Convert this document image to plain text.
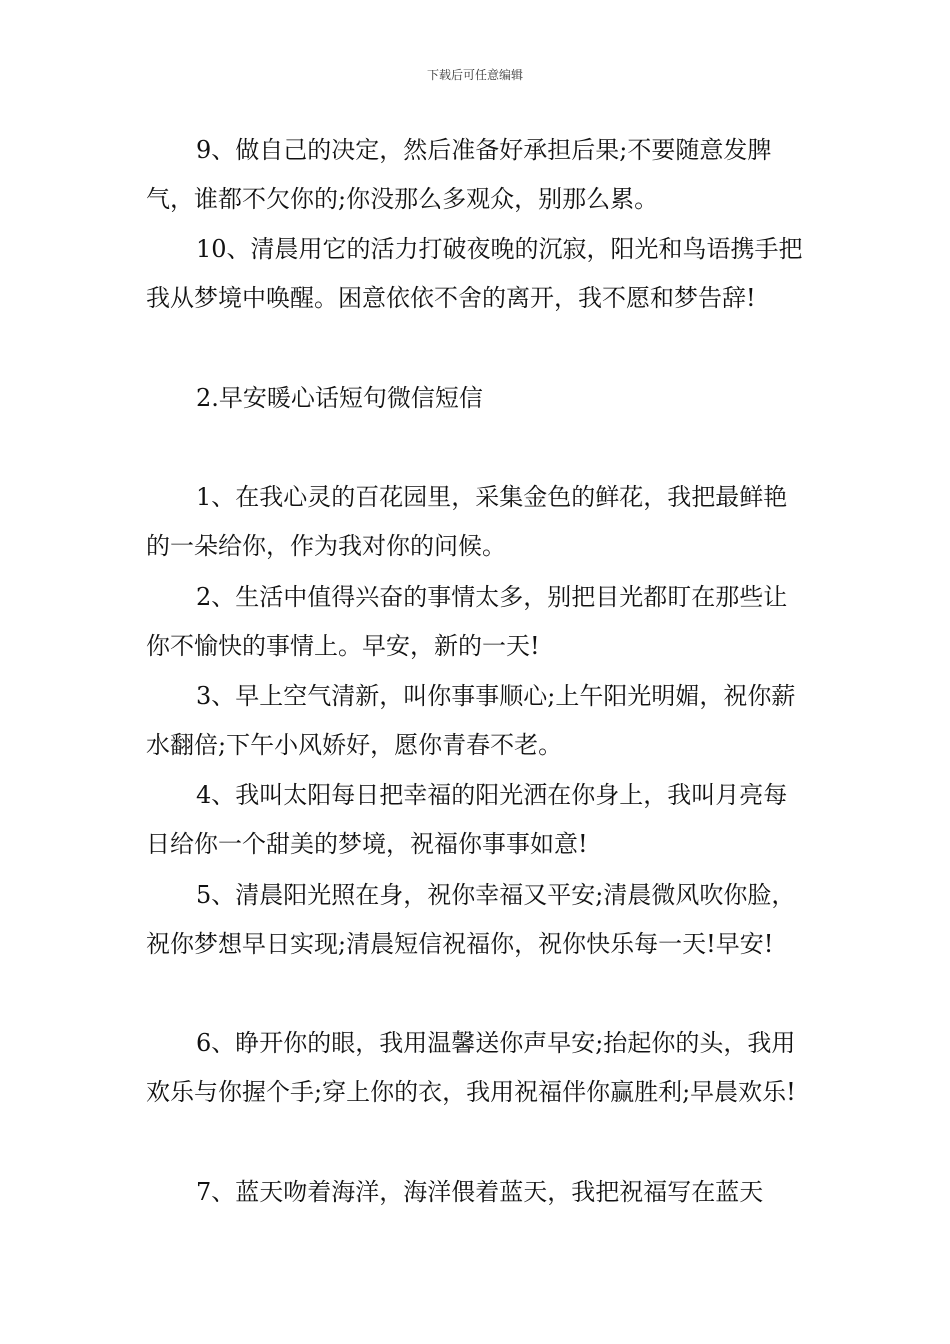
下载后可任意编辑

9、做自己的决定，然后准备好承担后果;不要随意发脾气，谁都不欠你的;你没那么多观众，别那么累。

10、清晨用它的活力打破夜晚的沉寂，阳光和鸟语携手把我从梦境中唤醒。困意依依不舍的离开，我不愿和梦告辞!

2.早安暖心话短句微信短信

1、在我心灵的百花园里，采集金色的鲜花，我把最鲜艳的一朵给你，作为我对你的问候。

2、生活中值得兴奋的事情太多，别把目光都盯在那些让你不愉快的事情上。早安，新的一天!

3、早上空气清新，叫你事事顺心;上午阳光明媚，祝你薪水翻倍;下午小风娇好，愿你青春不老。

4、我叫太阳每日把幸福的阳光洒在你身上，我叫月亮每日给你一个甜美的梦境，祝福你事事如意!

5、清晨阳光照在身，祝你幸福又平安;清晨微风吹你脸，祝你梦想早日实现;清晨短信祝福你，祝你快乐每一天!早安!

6、睁开你的眼，我用温馨送你声早安;抬起你的头，我用欢乐与你握个手;穿上你的衣，我用祝福伴你赢胜利;早晨欢乐!

7、蓝天吻着海洋，海洋偎着蓝天，我把祝福写在蓝天
